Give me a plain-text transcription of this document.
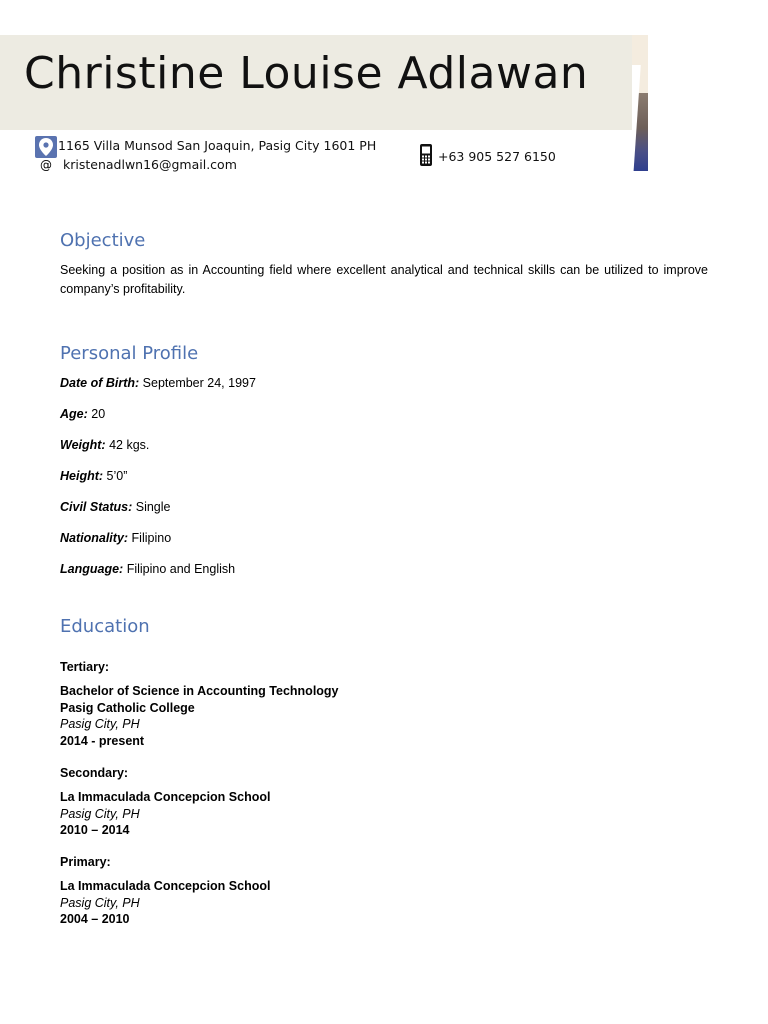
Christine Louise Adlawan
1165 Villa Munsod San Joaquin, Pasig City 1601 PH
@ kristenadlwn16@gmail.com
+63 905 527 6150
Objective

Seeking a position as in Accounting field where excellent analytical and technical skills can be utilized to improve company’s profitability.

Personal Profile
Date of Birth: September 24, 1997
Age: 20
Weight: 42 kgs.
Height: 5’0”
Civil Status: Single
Nationality: Filipino
Language: Filipino and English
Education
Tertiary:
Bachelor of Science in Accounting Technology
Pasig Catholic College
Pasig City, PH
2014 - present
Secondary:
La Immaculada Concepcion School
Pasig City, PH
2010 – 2014
Primary:
La Immaculada Concepcion School
Pasig City, PH
2004 – 2010
